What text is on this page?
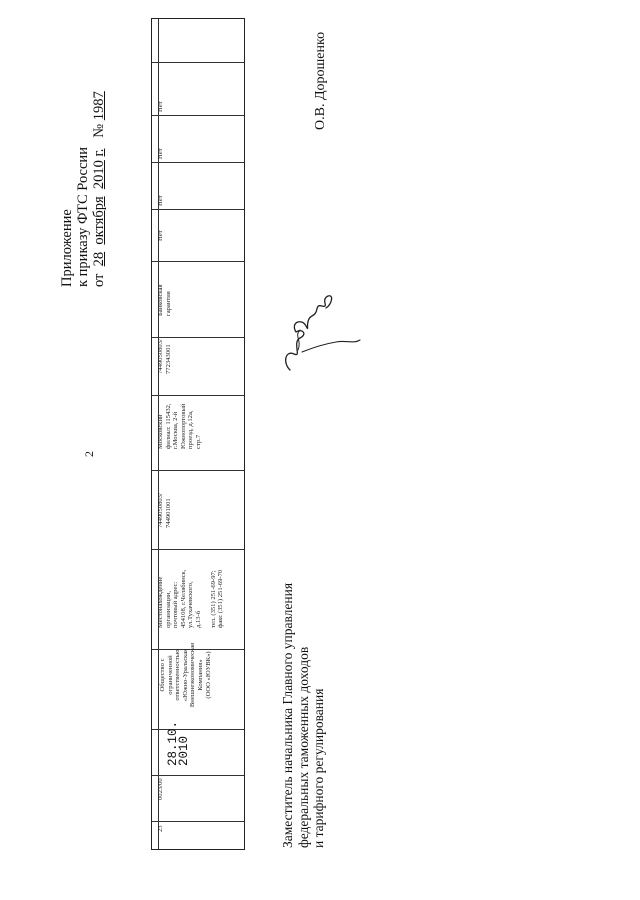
2
Приложение к приказу ФТС России от  28  октября  2010 г.   № 1987
23
0023/00
28.10.
2010
Общество с ограниченной ответственностью «Южно-Уральская Внешнеэкономическая Компания» (ООО «ЮУВК»)
Местонахождение организации, почтовый адрес: 454108, г.Челябинск, ул.Тухачевского, д.13-б тел. (351) 251-69-97; факс (351) 251-69-70
7449050803/ 744901001
Московский филиал: 115432, г.Москва, 2-й Южнопортовый проезд, д.12а, стр.7
7449050803/ 772343001
Банковская гарантия
Нет
Нет
Нет
Нет
Заместитель начальника Главного управления федеральных таможенных доходов и тарифного регулирования
О.В. Дорошенко
